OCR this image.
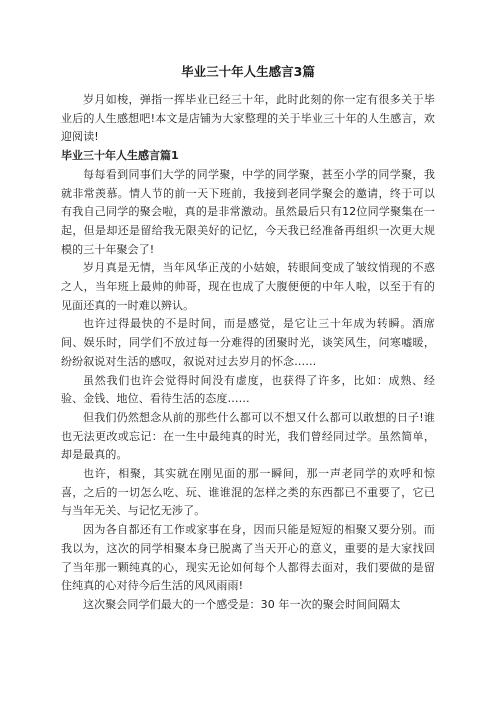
毕业三十年人生感言3篇

岁月如梭，弹指一挥毕业已经三十年，此时此刻的你一定有很多关于毕业后的人生感想吧!本文是店铺为大家整理的关于毕业三十年的人生感言，欢迎阅读!

毕业三十年人生感言篇1

每每看到同事们大学的同学聚，中学的同学聚，甚至小学的同学聚，我就非常羡慕。情人节的前一天下班前，我接到老同学聚会的邀请，终于可以有我自己同学的聚会啦，真的是非常激动。虽然最后只有12位同学聚集在一起，但是却还是留给我无限美好的记忆，今天我已经准备再组织一次更大规模的三十年聚会了!

岁月真是无情，当年风华正茂的小姑娘，转眼间变成了皱纹悄现的不惑之人，当年班上最帅的帅哥，现在也成了大腹便便的中年人啦，以至于有的见面还真的一时难以辨认。

也许过得最快的不是时间，而是感觉，是它让三十年成为转瞬。酒席间、娱乐时，同学们不放过每一分难得的团聚时光，谈笑风生，问寒嘘暖，纷纷叙说对生活的感叹，叙说对过去岁月的怀念……

虽然我们也许会觉得时间没有虚度，也获得了许多，比如：成熟、经验、金钱、地位、看待生活的态度……

但我们仍然想念从前的那些什么都可以不想又什么都可以敢想的日子!谁也无法更改或忘记：在一生中最纯真的时光，我们曾经同过学。虽然简单，却是最真的。

也许，相聚，其实就在刚见面的那一瞬间，那一声老同学的欢呼和惊喜，之后的一切怎么吃、玩、谁谁混的怎样之类的东西都已不重要了，它已与当年无关、与记忆无涉了。

因为各自都还有工作或家事在身，因而只能是短短的相聚又要分别。而我以为，这次的同学相聚本身已脱离了当天开心的意义，重要的是大家找回了当年那一颗纯真的心，现实无论如何每个人都得去面对，我们要做的是留住纯真的心对待今后生活的风风雨雨!

这次聚会同学们最大的一个感受是：30 年一次的聚会时间间隔太
